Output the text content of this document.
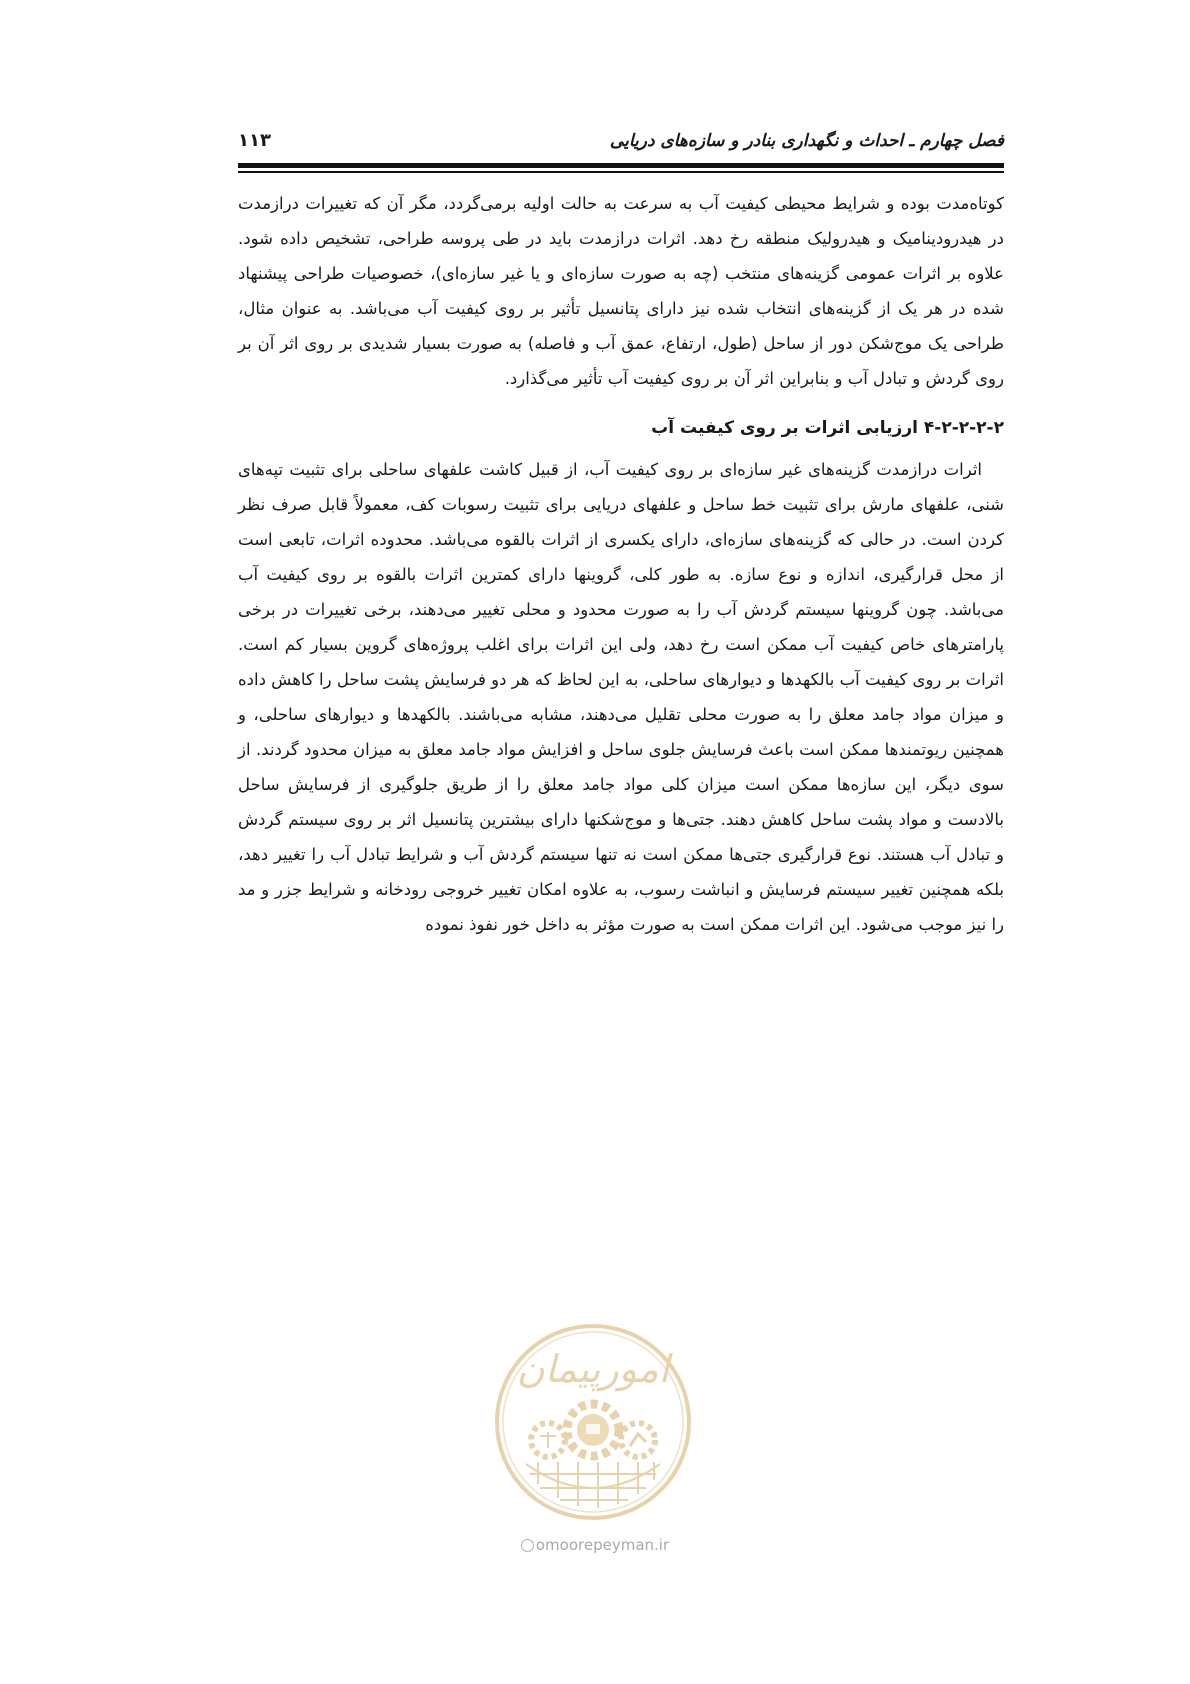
فصل چهارم ـ احداث و نگهداری بنادر و سازه‌های دریایی
۱۱۳

کوتاه‌مدت بوده و شرایط محیطی کیفیت آب به سرعت به حالت اولیه برمی‌گردد، مگر آن که تغییرات درازمدت در هیدرودینامیک و هیدرولیک منطقه رخ دهد. اثرات درازمدت باید در طی پروسه طراحی، تشخیص داده شود. علاوه بر اثرات عمومی گزینه‌های منتخب (چه به صورت سازه‌ای و یا غیر سازه‌ای)، خصوصیات طراحی پیشنهاد شده در هر یک از گزینه‌های انتخاب شده نیز دارای پتانسیل تأثیر بر روی کیفیت آب می‌باشد. به عنوان مثال، طراحی یک موج‌شکن دور از ساحل (طول، ارتفاع، عمق آب و فاصله) به صورت بسیار شدیدی بر روی اثر آن بر روی گردش و تبادل آب و بنابراین اثر آن بر روی کیفیت آب تأثیر می‌گذارد.

۴-۲-۲-۲-۲ ارزیابی اثرات بر روی کیفیت آب

اثرات درازمدت گزینه‌های غیر سازه‌ای بر روی کیفیت آب، از قبیل کاشت علفهای ساحلی برای تثبیت تپه‌های شنی، علفهای مارش برای تثبیت خط ساحل و علفهای دریایی برای تثبیت رسوبات کف، معمولاً قابل صرف نظر کردن است. در حالی که گزینه‌های سازه‌ای، دارای یکسری از اثرات بالقوه می‌باشد. محدوده اثرات، تابعی است از محل قرارگیری، اندازه و نوع سازه. به طور کلی، گروینها دارای کمترین اثرات بالقوه بر روی کیفیت آب می‌باشد. چون گروینها سیستم گردش آب را به صورت محدود و محلی تغییر می‌دهند، برخی تغییرات در برخی پارامترهای خاص کیفیت آب ممکن است رخ دهد، ولی این اثرات برای اغلب پروژه‌های گروین بسیار کم است. اثرات بر روی کیفیت آب بالکهدها و دیوارهای ساحلی، به این لحاظ که هر دو فرسایش پشت ساحل را کاهش داده و میزان مواد جامد معلق را به صورت محلی تقلیل می‌دهند، مشابه می‌باشند. بالکهدها و دیوارهای ساحلی، و همچنین ریوتمندها ممکن است باعث فرسایش جلوی ساحل و افزایش مواد جامد معلق به میزان محدود گردند. از سوی دیگر، این سازه‌ها ممکن است میزان کلی مواد جامد معلق را از طریق جلوگیری از فرسایش ساحل بالادست و مواد پشت ساحل کاهش دهند. جتی‌ها و موج‌شکنها دارای بیشترین پتانسیل اثر بر روی سیستم گردش و تبادل آب هستند. نوع قرارگیری جتی‌ها ممکن است نه تنها سیستم گردش آب و شرایط تبادل آب را تغییر دهد، بلکه همچنین تغییر سیستم فرسایش و انباشت رسوب، به علاوه امکان تغییر خروجی رودخانه و شرایط جزر و مد را نیز موجب می‌شود. این اثرات ممکن است به صورت مؤثر به داخل خور نفوذ نموده

امورپیمان
omoorepeyman.ir
